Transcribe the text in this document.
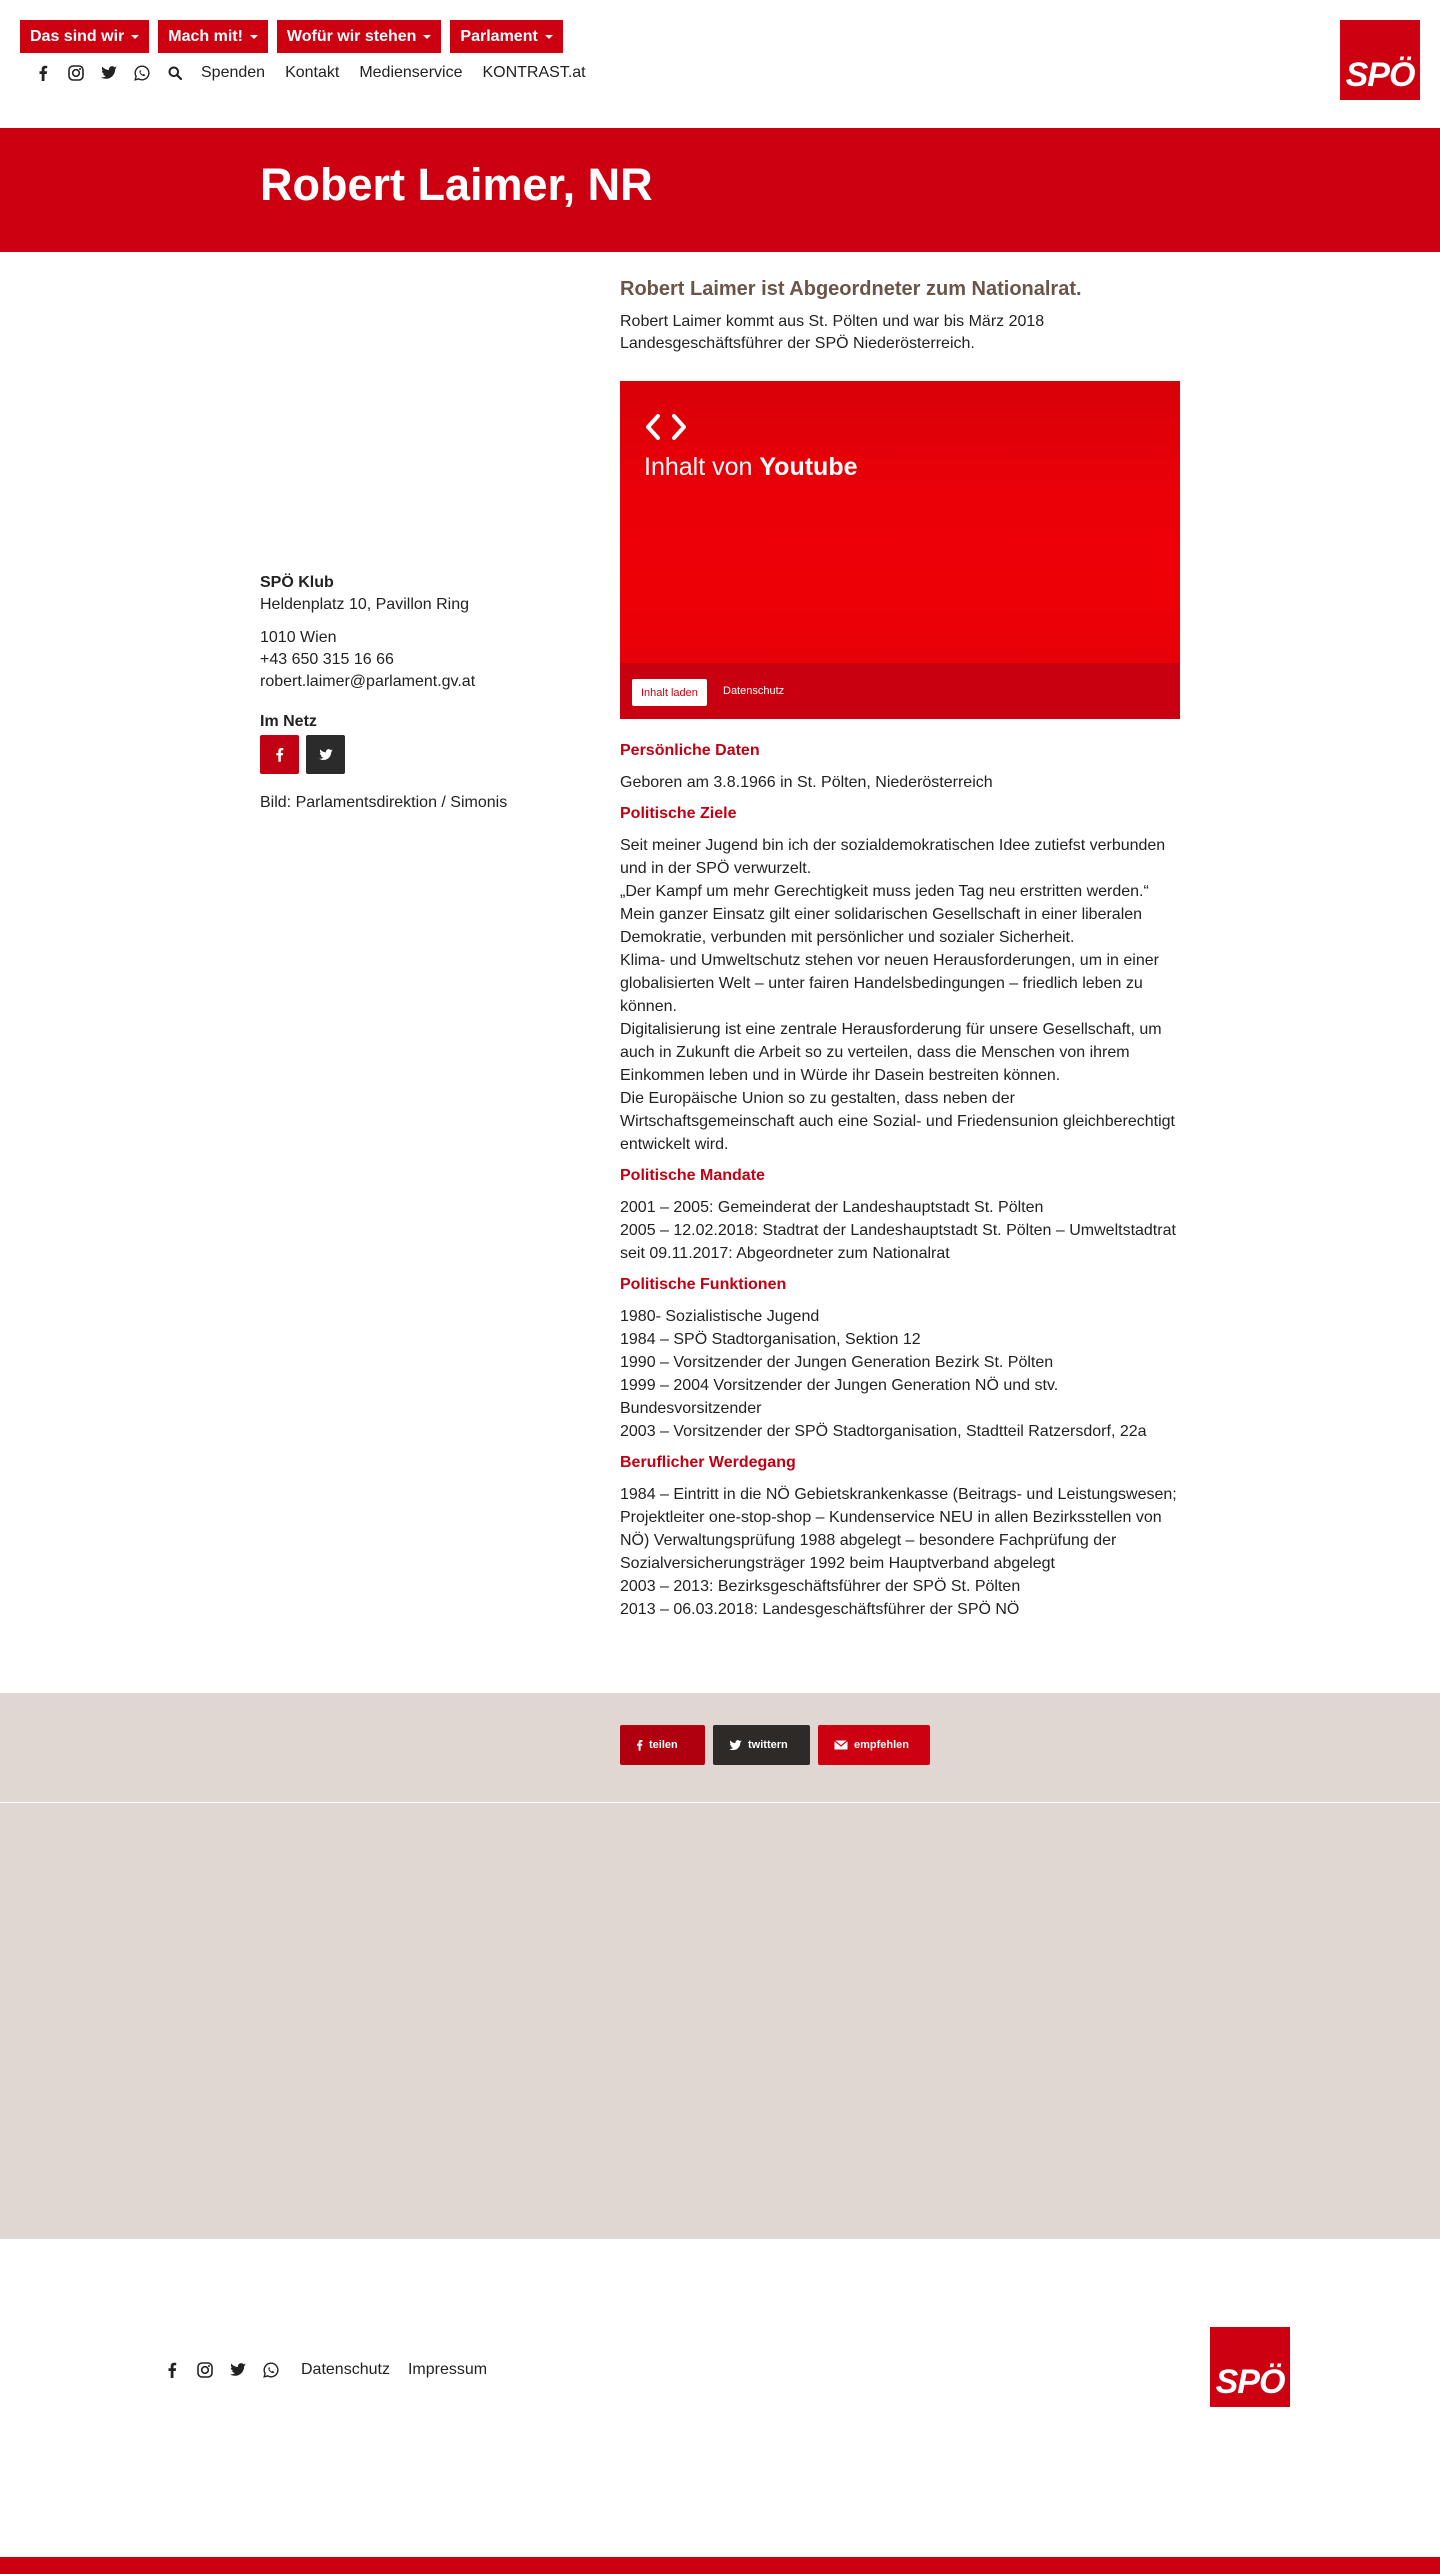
Das sind wir	Mach mit!	Wofür wir stehen	Parlament
Spenden Kontakt Medienservice KONTRAST.at	SPÖ
Robert Laimer, NR
SPÖ Klub
Heldenplatz 10, Pavillon Ring
1010 Wien
+43 650 315 16 66
robert.laimer@parlament.gv.at
Im Netz
Bild: Parlamentsdirektion / Simonis
Robert Laimer ist Abgeordneter zum Nationalrat.
Robert Laimer kommt aus St. Pölten und war bis März 2018 Landesgeschäftsführer der SPÖ Niederösterreich.
Inhalt von Youtube
Inhalt laden	Datenschutz
Persönliche Daten
Geboren am 3.8.1966 in St. Pölten, Niederösterreich
Politische Ziele
Seit meiner Jugend bin ich der sozialdemokratischen Idee zutiefst verbunden und in der SPÖ verwurzelt.
„Der Kampf um mehr Gerechtigkeit muss jeden Tag neu erstritten werden.“
Mein ganzer Einsatz gilt einer solidarischen Gesellschaft in einer liberalen Demokratie, verbunden mit persönlicher und sozialer Sicherheit.
Klima- und Umweltschutz stehen vor neuen Herausforderungen, um in einer globalisierten Welt – unter fairen Handelsbedingungen – friedlich leben zu können.
Digitalisierung ist eine zentrale Herausforderung für unsere Gesellschaft, um auch in Zukunft die Arbeit so zu verteilen, dass die Menschen von ihrem Einkommen leben und in Würde ihr Dasein bestreiten können.
Die Europäische Union so zu gestalten, dass neben der Wirtschaftsgemeinschaft auch eine Sozial- und Friedensunion gleichberechtigt entwickelt wird.
Politische Mandate
2001 – 2005: Gemeinderat der Landeshauptstadt St. Pölten
2005 – 12.02.2018: Stadtrat der Landeshauptstadt St. Pölten – Umweltstadtrat seit 09.11.2017: Abgeordneter zum Nationalrat
Politische Funktionen
1980- Sozialistische Jugend
1984 – SPÖ Stadtorganisation, Sektion 12
1990 – Vorsitzender der Jungen Generation Bezirk St. Pölten
1999 – 2004 Vorsitzender der Jungen Generation NÖ und stv. Bundesvorsitzender
2003 – Vorsitzender der SPÖ Stadtorganisation, Stadtteil Ratzersdorf, 22a
Beruflicher Werdegang
1984 – Eintritt in die NÖ Gebietskrankenkasse (Beitrags- und Leistungswesen; Projektleiter one-stop-shop – Kundenservice NEU in allen Bezirksstellen von NÖ) Verwaltungsprüfung 1988 abgelegt – besondere Fachprüfung der Sozialversicherungsträger 1992 beim Hauptverband abgelegt
2003 – 2013: Bezirksgeschäftsführer der SPÖ St. Pölten
2013 – 06.03.2018: Landesgeschäftsführer der SPÖ NÖ
teilen	twittern	empfehlen
Datenschutz Impressum	SPÖ
